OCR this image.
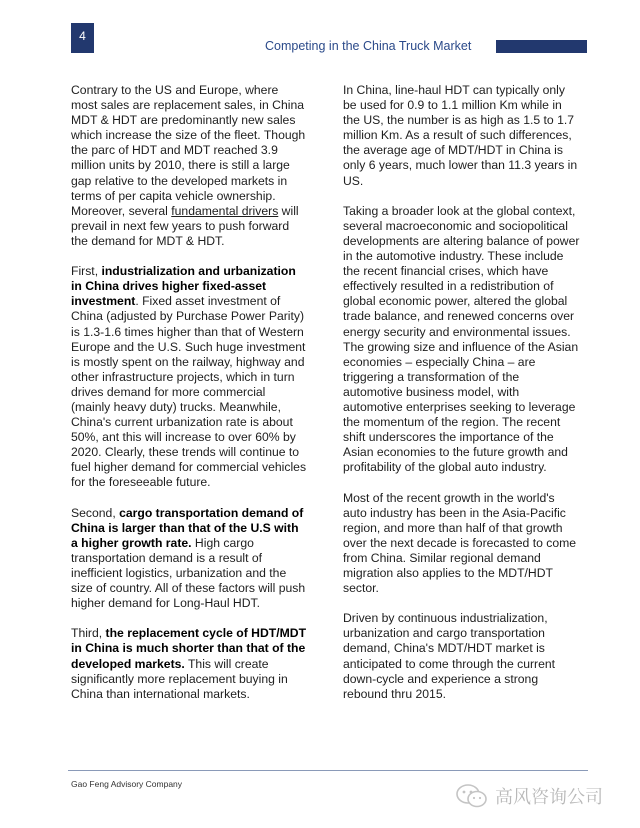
4
Competing in the China Truck Market

Contrary to the US and Europe, where most sales are replacement sales, in China MDT & HDT are predominantly new sales which increase the size of the fleet. Though the parc of HDT and MDT reached 3.9 million units by 2010, there is still a large gap relative to the developed markets in terms of per capita vehicle ownership. Moreover, several fundamental drivers will prevail in next few years to push forward the demand for MDT & HDT.

First, industrialization and urbanization in China drives higher fixed-asset investment. Fixed asset investment of China (adjusted by Purchase Power Parity) is 1.3-1.6 times higher than that of Western Europe and the U.S. Such huge investment is mostly spent on the railway, highway and other infrastructure projects, which in turn drives demand for more commercial (mainly heavy duty) trucks. Meanwhile, China's current urbanization rate is about 50%, ant this will increase to over 60% by 2020. Clearly, these trends will continue to fuel higher demand for commercial vehicles for the foreseeable future.

Second, cargo transportation demand of China is larger than that of the U.S with a higher growth rate. High cargo transportation demand is a result of inefficient logistics, urbanization and the size of country. All of these factors will push higher demand for Long-Haul HDT.

Third, the replacement cycle of HDT/MDT in China is much shorter than that of the developed markets. This will create significantly more replacement buying in China than international markets.

In China, line-haul HDT can typically only be used for 0.9 to 1.1 million Km while in the US, the number is as high as 1.5 to 1.7 million Km. As a result of such differences, the average age of MDT/HDT in China is only 6 years, much lower than 11.3 years in US.

Taking a broader look at the global context, several macroeconomic and sociopolitical developments are altering balance of power in the automotive industry. These include the recent financial crises, which have effectively resulted in a redistribution of global economic power, altered the global trade balance, and renewed concerns over energy security and environmental issues. The growing size and influence of the Asian economies – especially China – are triggering a transformation of the automotive business model, with automotive enterprises seeking to leverage the momentum of the region. The recent shift underscores the importance of the Asian economies to the future growth and profitability of the global auto industry.

Most of the recent growth in the world's auto industry has been in the Asia-Pacific region, and more than half of that growth over the next decade is forecasted to come from China. Similar regional demand migration also applies to the MDT/HDT sector.

Driven by continuous industrialization, urbanization and cargo transportation demand, China's MDT/HDT market is anticipated to come through the current down-cycle and experience a strong rebound thru 2015.

Gao Feng Advisory Company
高风咨询公司
